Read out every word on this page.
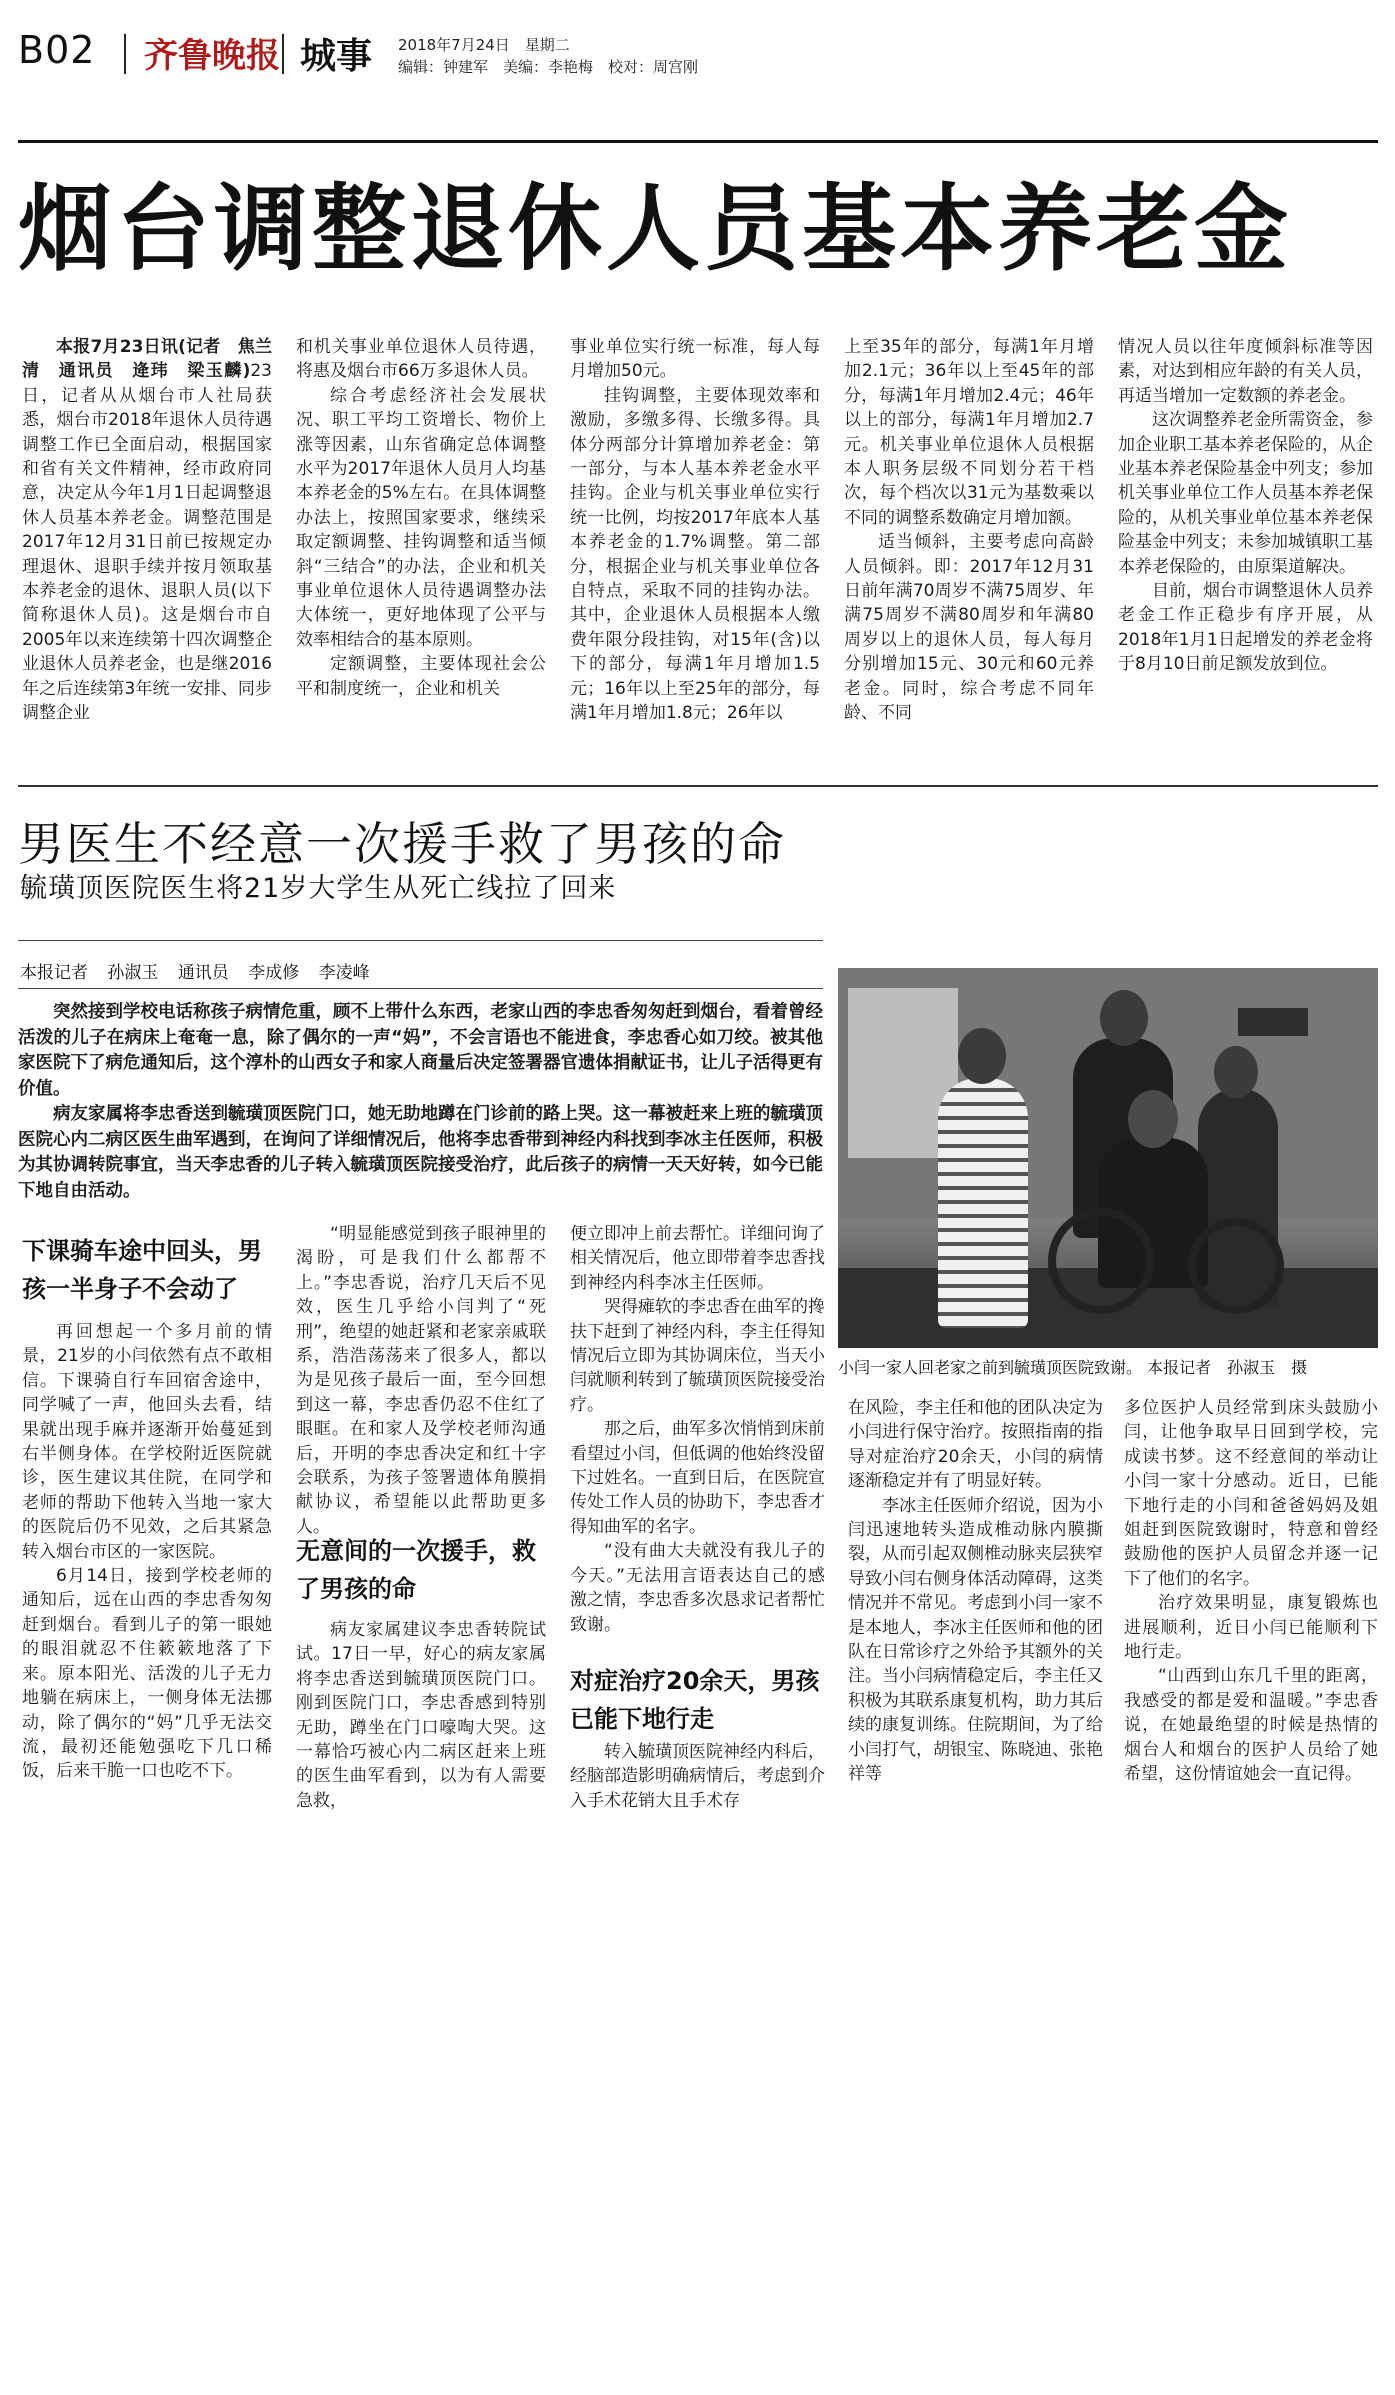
B02 齐鲁晚报 城事 2018年7月24日　星期二
编辑：钟建军　美编：李艳梅　校对：周宫刚
烟台调整退休人员基本养老金

本报7月23日讯(记者　焦兰清　通讯员　逄玮　梁玉麟)23日，记者从从烟台市人社局获悉，烟台市2018年退休人员待遇调整工作已全面启动，根据国家和省有关文件精神，经市政府同意，决定从今年1月1日起调整退休人员基本养老金。调整范围是2017年12月31日前已按规定办理退休、退职手续并按月领取基本养老金的退休、退职人员(以下简称退休人员)。这是烟台市自2005年以来连续第十四次调整企业退休人员养老金，也是继2016年之后连续第3年统一安排、同步调整企业

和机关事业单位退休人员待遇，将惠及烟台市66万多退休人员。

综合考虑经济社会发展状况、职工平均工资增长、物价上涨等因素，山东省确定总体调整水平为2017年退休人员月人均基本养老金的5%左右。在具体调整办法上，按照国家要求，继续采取定额调整、挂钩调整和适当倾斜“三结合”的办法，企业和机关事业单位退休人员待遇调整办法大体统一，更好地体现了公平与效率相结合的基本原则。

定额调整，主要体现社会公平和制度统一，企业和机关

事业单位实行统一标准，每人每月增加50元。

挂钩调整，主要体现效率和激励，多缴多得、长缴多得。具体分两部分计算增加养老金：第一部分，与本人基本养老金水平挂钩。企业与机关事业单位实行统一比例，均按2017年底本人基本养老金的1.7%调整。第二部分，根据企业与机关事业单位各自特点，采取不同的挂钩办法。其中，企业退休人员根据本人缴费年限分段挂钩，对15年(含)以下的部分，每满1年月增加1.5元；16年以上至25年的部分，每满1年月增加1.8元；26年以

上至35年的部分，每满1年月增加2.1元；36年以上至45年的部分，每满1年月增加2.4元；46年以上的部分，每满1年月增加2.7元。机关事业单位退休人员根据本人职务层级不同划分若干档次，每个档次以31元为基数乘以不同的调整系数确定月增加额。

适当倾斜，主要考虑向高龄人员倾斜。即：2017年12月31日前年满70周岁不满75周岁、年满75周岁不满80周岁和年满80周岁以上的退休人员，每人每月分别增加15元、30元和60元养老金。同时，综合考虑不同年龄、不同

情况人员以往年度倾斜标准等因素，对达到相应年龄的有关人员，再适当增加一定数额的养老金。

这次调整养老金所需资金，参加企业职工基本养老保险的，从企业基本养老保险基金中列支；参加机关事业单位工作人员基本养老保险的，从机关事业单位基本养老保险基金中列支；未参加城镇职工基本养老保险的，由原渠道解决。

目前，烟台市调整退休人员养老金工作正稳步有序开展，从2018年1月1日起增发的养老金将于8月10日前足额发放到位。

男医生不经意一次援手救了男孩的命
毓璜顶医院医生将21岁大学生从死亡线拉了回来
本报记者 孙淑玉 通讯员 李成修 李凌峰

突然接到学校电话称孩子病情危重，顾不上带什么东西，老家山西的李忠香匆匆赶到烟台，看着曾经活泼的儿子在病床上奄奄一息，除了偶尔的一声“妈”，不会言语也不能进食，李忠香心如刀绞。被其他家医院下了病危通知后，这个淳朴的山西女子和家人商量后决定签署器官遗体捐献证书，让儿子活得更有价值。

病友家属将李忠香送到毓璜顶医院门口，她无助地蹲在门诊前的路上哭。这一幕被赶来上班的毓璜顶医院心内二病区医生曲军遇到，在询问了详细情况后，他将李忠香带到神经内科找到李冰主任医师，积极为其协调转院事宜，当天李忠香的儿子转入毓璜顶医院接受治疗，此后孩子的病情一天天好转，如今已能下地自由活动。

小闫一家人回老家之前到毓璜顶医院致谢。 本报记者　孙淑玉　摄
下课骑车途中回头，男孩一半身子不会动了

再回想起一个多月前的情景，21岁的小闫依然有点不敢相信。下课骑自行车回宿舍途中，同学喊了一声，他回头去看，结果就出现手麻并逐渐开始蔓延到右半侧身体。在学校附近医院就诊，医生建议其住院，在同学和老师的帮助下他转入当地一家大的医院后仍不见效，之后其紧急转入烟台市区的一家医院。

6月14日，接到学校老师的通知后，远在山西的李忠香匆匆赶到烟台。看到儿子的第一眼她的眼泪就忍不住簌簌地落了下来。原本阳光、活泼的儿子无力地躺在病床上，一侧身体无法挪动，除了偶尔的“妈”几乎无法交流，最初还能勉强吃下几口稀饭，后来干脆一口也吃不下。

“明显能感觉到孩子眼神里的渴盼，可是我们什么都帮不上。”李忠香说，治疗几天后不见效，医生几乎给小闫判了“死刑”，绝望的她赶紧和老家亲戚联系，浩浩荡荡来了很多人，都以为是见孩子最后一面，至今回想到这一幕，李忠香仍忍不住红了眼眶。在和家人及学校老师沟通后，开明的李忠香决定和红十字会联系，为孩子签署遗体角膜捐献协议，希望能以此帮助更多人。

无意间的一次援手，救了男孩的命

病友家属建议李忠香转院试试。17日一早，好心的病友家属将李忠香送到毓璜顶医院门口。刚到医院门口，李忠香感到特别无助，蹲坐在门口嚎啕大哭。这一幕恰巧被心内二病区赶来上班的医生曲军看到，以为有人需要急救，

便立即冲上前去帮忙。详细问询了相关情况后，他立即带着李忠香找到神经内科李冰主任医师。

哭得瘫软的李忠香在曲军的搀扶下赶到了神经内科，李主任得知情况后立即为其协调床位，当天小闫就顺利转到了毓璜顶医院接受治疗。

那之后，曲军多次悄悄到床前看望过小闫，但低调的他始终没留下过姓名。一直到日后，在医院宣传处工作人员的协助下，李忠香才得知曲军的名字。

“没有曲大夫就没有我儿子的今天。”无法用言语表达自己的感激之情，李忠香多次恳求记者帮忙致谢。

对症治疗20余天，男孩已能下地行走

转入毓璜顶医院神经内科后，经脑部造影明确病情后，考虑到介入手术花销大且手术存

在风险，李主任和他的团队决定为小闫进行保守治疗。按照指南的指导对症治疗20余天，小闫的病情逐渐稳定并有了明显好转。

李冰主任医师介绍说，因为小闫迅速地转头造成椎动脉内膜撕裂，从而引起双侧椎动脉夹层狭窄导致小闫右侧身体活动障碍，这类情况并不常见。考虑到小闫一家不是本地人，李冰主任医师和他的团队在日常诊疗之外给予其额外的关注。当小闫病情稳定后，李主任又积极为其联系康复机构，助力其后续的康复训练。住院期间，为了给小闫打气，胡银宝、陈晓迪、张艳祥等

多位医护人员经常到床头鼓励小闫，让他争取早日回到学校，完成读书梦。这不经意间的举动让小闫一家十分感动。近日，已能下地行走的小闫和爸爸妈妈及姐姐赶到医院致谢时，特意和曾经鼓励他的医护人员留念并逐一记下了他们的名字。

治疗效果明显，康复锻炼也进展顺利，近日小闫已能顺利下地行走。

“山西到山东几千里的距离，我感受的都是爱和温暖。”李忠香说，在她最绝望的时候是热情的烟台人和烟台的医护人员给了她希望，这份情谊她会一直记得。
